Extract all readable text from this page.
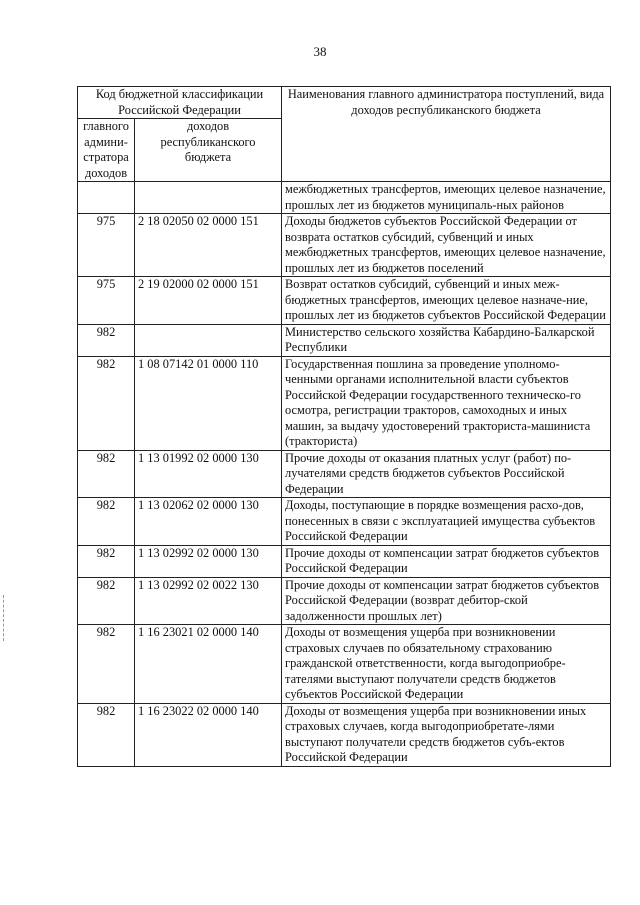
38
Код бюджетной классификации Российской Федерации		Наименования главного администратора поступлений, вида доходов республиканского бюджета
главного админи-стратора доходов	доходов республиканского бюджета	
		межбюджетных трансфертов, имеющих целевое назначение, прошлых лет из бюджетов муниципаль-ных районов
975	2 18 02050 02 0000 151	Доходы бюджетов субъектов Российской Федерации от возврата остатков субсидий, субвенций и иных межбюджетных трансфертов, имеющих целевое назначение, прошлых лет из бюджетов поселений
975	2 19 02000 02 0000 151	Возврат остатков субсидий, субвенций и иных меж-бюджетных трансфертов, имеющих целевое назначе-ние, прошлых лет из бюджетов субъектов Российской Федерации
982		Министерство сельского хозяйства Кабардино-Балкарской Республики
982	1 08 07142 01 0000 110	Государственная пошлина за проведение уполномо-ченными органами исполнительной власти субъектов Российской Федерации государственного техническо-го осмотра, регистрации тракторов, самоходных и иных машин, за выдачу удостоверений тракториста-машиниста (тракториста)
982	1 13 01992 02 0000 130	Прочие доходы от оказания платных услуг (работ) по-лучателями средств бюджетов субъектов Российской Федерации
982	1 13 02062 02 0000 130	Доходы, поступающие в порядке возмещения расхо-дов, понесенных в связи с эксплуатацией имущества субъектов Российской Федерации
982	1 13 02992 02 0000 130	Прочие доходы от компенсации затрат бюджетов субъектов Российской Федерации
982	1 13 02992 02 0022 130	Прочие доходы от компенсации затрат бюджетов субъектов Российской Федерации (возврат дебитор-ской задолженности прошлых лет)
982	1 16 23021 02 0000 140	Доходы от возмещения ущерба при возникновении страховых случаев по обязательному страхованию гражданской ответственности, когда выгодоприобре-тателями выступают получатели средств бюджетов субъектов Российской Федерации
982	1 16 23022 02 0000 140	Доходы от возмещения ущерба при возникновении иных страховых случаев, когда выгодоприобретате-лями выступают получатели средств бюджетов субъ-ектов Российской Федерации
